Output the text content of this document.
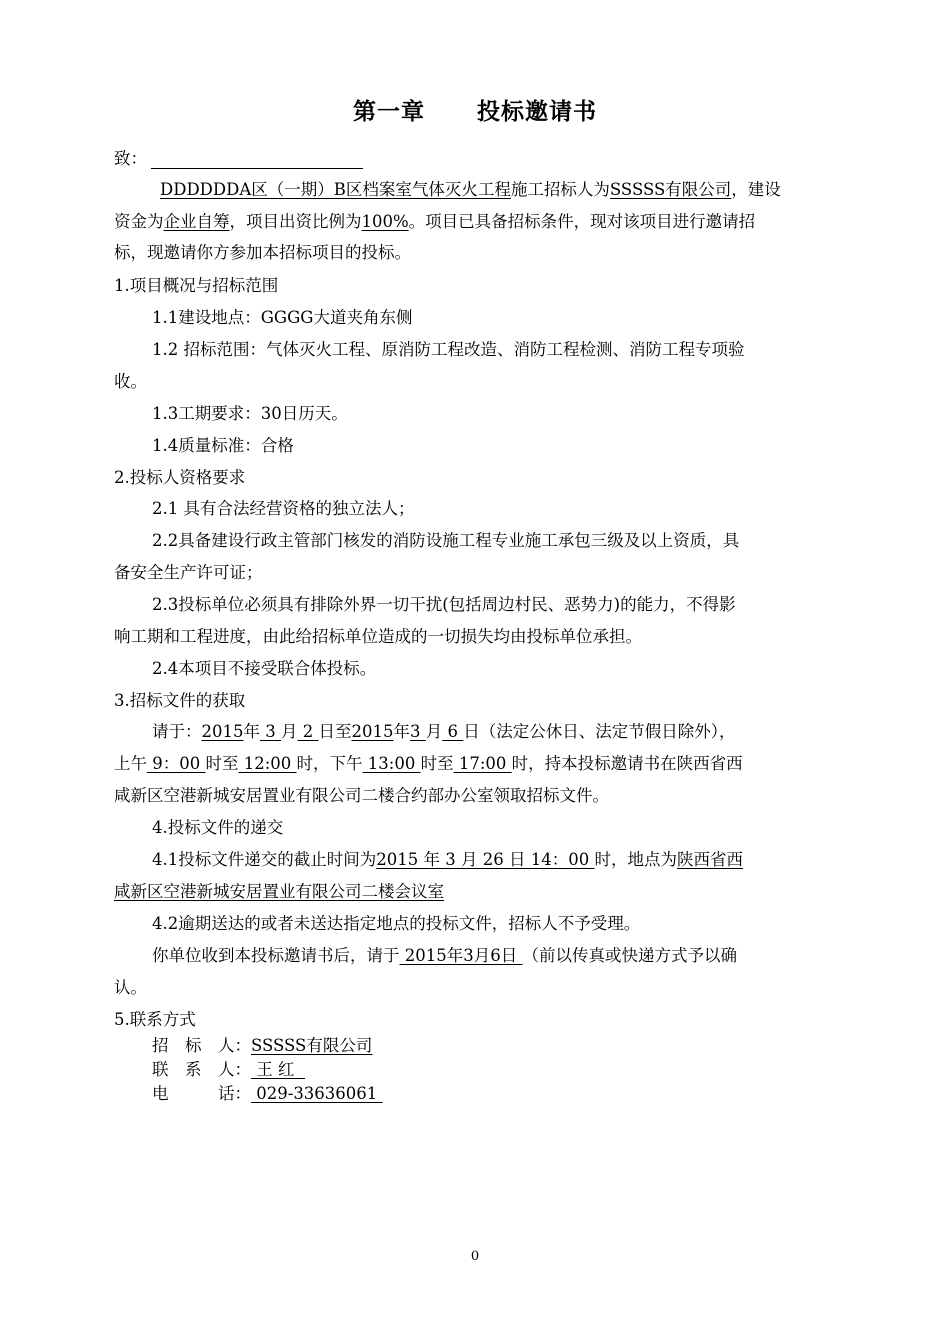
第一章 投标邀请书
致：
DDDDDDA区（一期）B区档案室气体灭火工程施工招标人为SSSSS有限公司，建设
资金为企业自筹，项目出资比例为100%。项目已具备招标条件，现对该项目进行邀请招
标，现邀请你方参加本招标项目的投标。
1.项目概况与招标范围
1.1建设地点：GGGG大道夹角东侧
1.2 招标范围：气体灭火工程、原消防工程改造、消防工程检测、消防工程专项验
收。
1.3工期要求：30日历天。
1.4质量标准：合格
2.投标人资格要求
2.1 具有合法经营资格的独立法人；
2.2具备建设行政主管部门核发的消防设施工程专业施工承包三级及以上资质，具
备安全生产许可证；
2.3投标单位必须具有排除外界一切干扰(包括周边村民、恶势力)的能力，不得影
响工期和工程进度，由此给招标单位造成的一切损失均由投标单位承担。
2.4本项目不接受联合体投标。
3.招标文件的获取
请于：2015年 3 月 2 日至2015年3 月 6 日（法定公休日、法定节假日除外），
上午 9：00 时至 12:00 时，下午 13:00 时至 17:00 时，持本投标邀请书在陕西省西
咸新区空港新城安居置业有限公司二楼合约部办公室领取招标文件。
4.投标文件的递交
4.1投标文件递交的截止时间为2015 年 3 月 26 日 14：00 时，地点为陕西省西
咸新区空港新城安居置业有限公司二楼会议室
4.2逾期送达的或者未送达指定地点的投标文件，招标人不予受理。
你单位收到本投标邀请书后，请于 2015年3月6日 （前以传真或快递方式予以确
认。
5.联系方式
招　标　人：SSSSS有限公司
联　系　人： 王 红
电　　　话： 029-33636061
0
